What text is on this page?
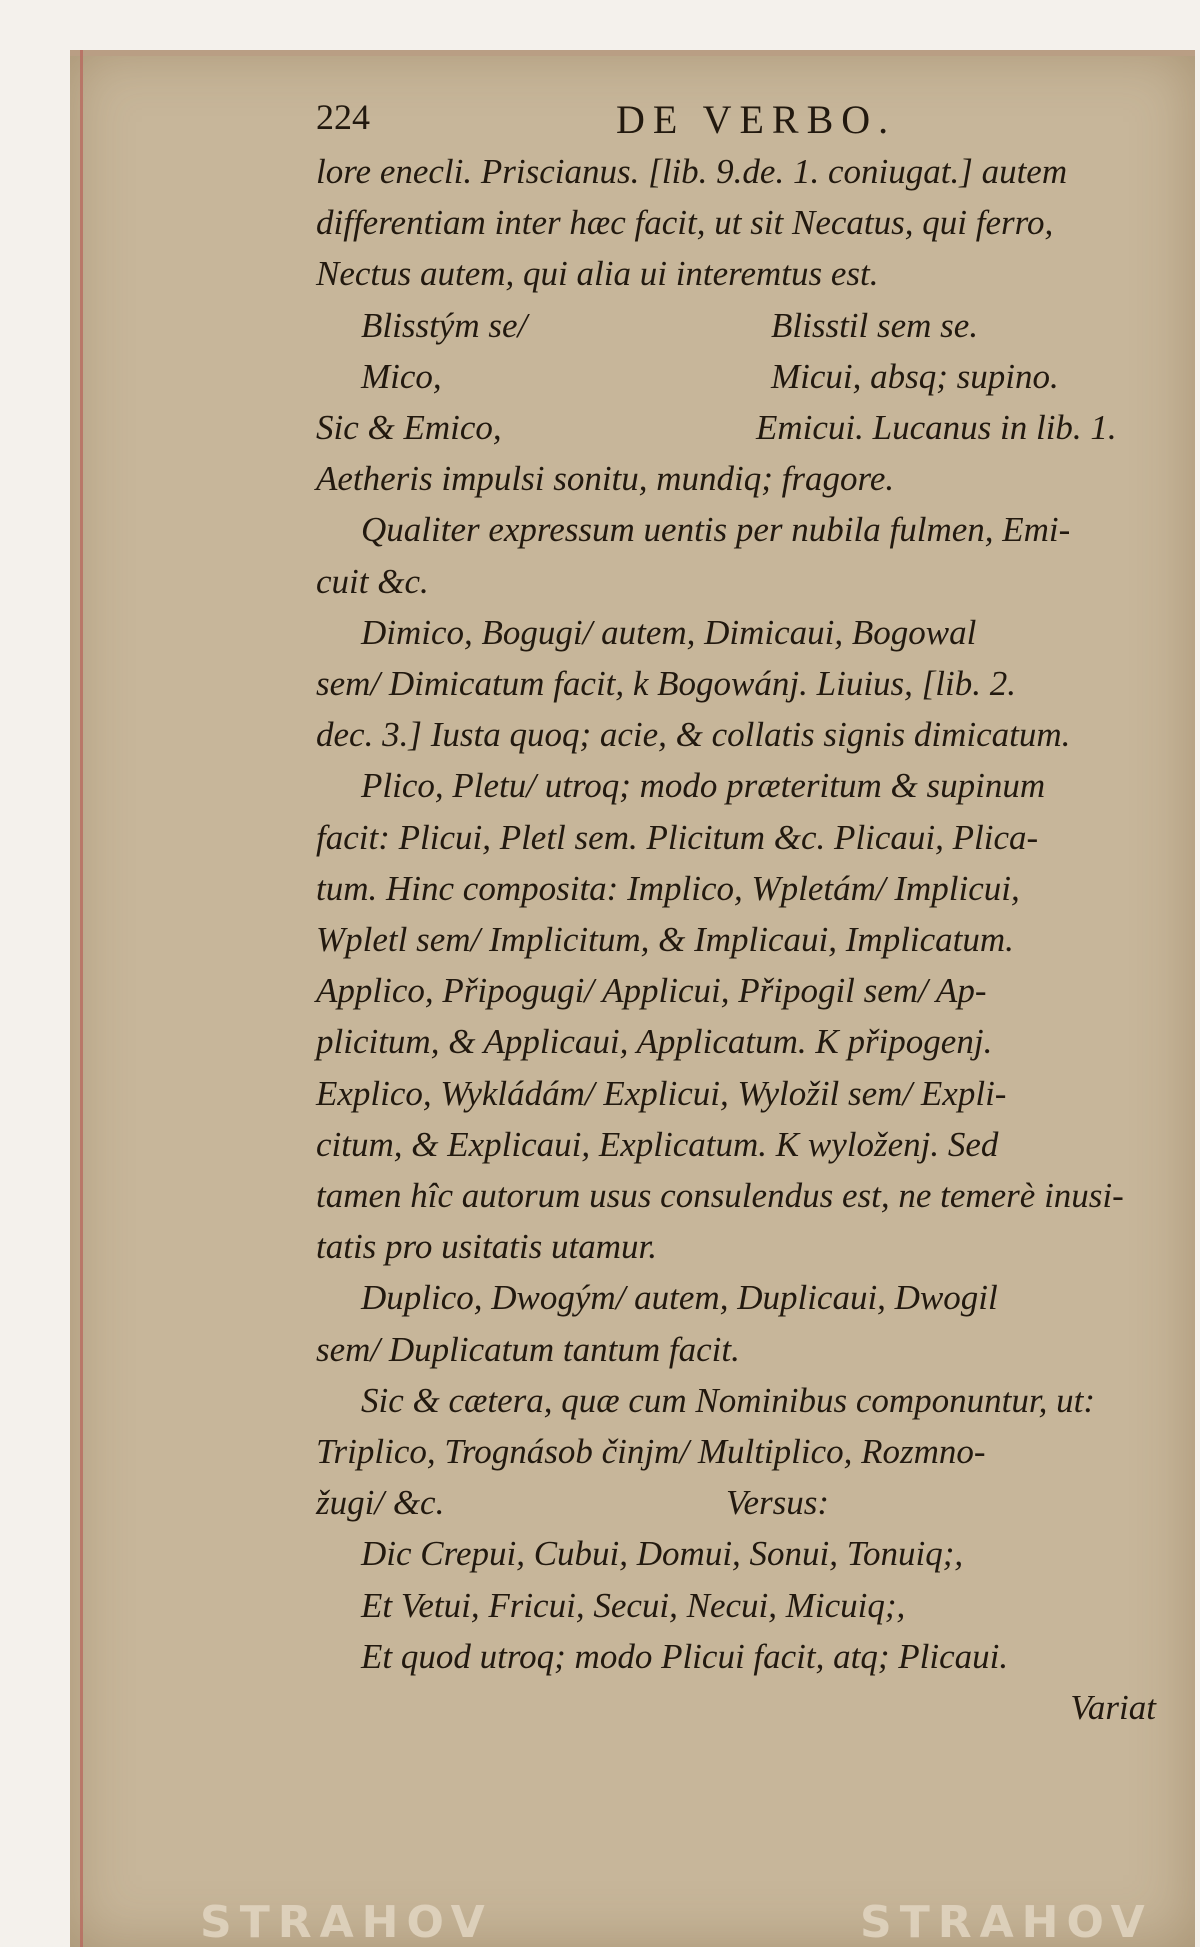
224	DE VERBO.
lore enecli. Priscianus. [lib. 9.de. 1. coniugat.] autem
differentiam inter hæc facit, ut sit Necatus, qui ferro,
Nectus autem, qui alia ui interemtus est.
Blisstým se/	Blisstil sem se.
Mico,	Micui, absq; supino.
Sic & Emico,	Emicui. Lucanus in lib. 1.
Aetheris impulsi sonitu, mundiq; fragore.
Qualiter expressum uentis per nubila fulmen, Emi-
cuit &c.
Dimico, Bogugi/ autem, Dimicaui, Bogowal
sem/ Dimicatum facit, k Bogowánj. Liuius, [lib. 2.
dec. 3.] Iusta quoq; acie, & collatis signis dimicatum.
Plico, Pletu/ utroq; modo præteritum & supinum
facit: Plicui, Pletl sem. Plicitum &c. Plicaui, Plica-
tum. Hinc composita: Implico, Wpletám/ Implicui,
Wpletl sem/ Implicitum, & Implicaui, Implicatum.
Applico, Připogugi/ Applicui, Připogil sem/ Ap-
plicitum, & Applicaui, Applicatum. K připogenj.
Explico, Wykládám/ Explicui, Wyložil sem/ Expli-
citum, & Explicaui, Explicatum. K wyloženj. Sed
tamen hîc autorum usus consulendus est, ne temerè inusi-
tatis pro usitatis utamur.
Duplico, Dwogým/ autem, Duplicaui, Dwogil
sem/ Duplicatum tantum facit.
Sic & cætera, quæ cum Nominibus componuntur, ut:
Triplico, Trognásob činjm/ Multiplico, Rozmno-
žugi/ &c.	Versus:
Dic Crepui, Cubui, Domui, Sonui, Tonuiq;,
Et Vetui, Fricui, Secui, Necui, Micuiq;,
Et quod utroq; modo Plicui facit, atq; Plicaui.
Variat
STRAHOV	STRAHOV
